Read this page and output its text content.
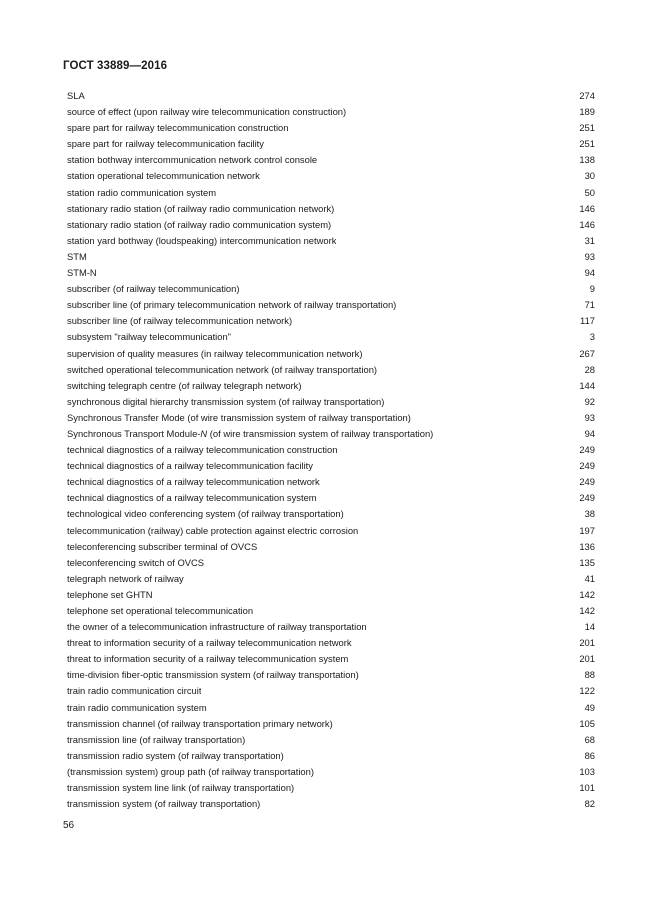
ГОСТ 33889—2016
SLA	274
source of effect (upon railway wire telecommunication construction)	189
spare part for railway telecommunication construction	251
spare part for railway telecommunication facility	251
station bothway intercommunication network control console	138
station operational telecommunication network	30
station radio communication system	50
stationary radio station (of railway radio communication network)	146
stationary radio station (of railway radio communication system)	146
station yard bothway (loudspeaking) intercommunication network	31
STM	93
STM-N	94
subscriber (of railway telecommunication)	9
subscriber line (of primary telecommunication network of railway transportation)	71
subscriber line (of railway telecommunication network)	117
subsystem "railway telecommunication"	3
supervision of quality measures (in railway telecommunication network)	267
switched operational telecommunication network (of railway transportation)	28
switching telegraph centre (of railway telegraph network)	144
synchronous digital hierarchy transmission system (of railway transportation)	92
Synchronous Transfer Mode (of wire transmission system of railway transportation)	93
Synchronous Transport Module-N (of wire transmission system of railway transportation)	94
technical diagnostics of a railway telecommunication construction	249
technical diagnostics of a railway telecommunication facility	249
technical diagnostics of a railway telecommunication network	249
technical diagnostics of a railway telecommunication system	249
technological video conferencing system (of railway transportation)	38
telecommunication (railway) cable protection against electric corrosion	197
teleconferencing subscriber terminal of OVCS	136
teleconferencing switch of OVCS	135
telegraph network of railway	41
telephone set GHTN	142
telephone set operational telecommunication	142
the owner of a telecommunication infrastructure of railway transportation	14
threat to information security of a railway telecommunication network	201
threat to information security of a railway telecommunication system	201
time-division fiber-optic transmission system (of railway transportation)	88
train radio communication circuit	122
train radio communication system	49
transmission channel (of railway transportation primary network)	105
transmission line (of railway transportation)	68
transmission radio system (of railway transportation)	86
(transmission system) group path (of railway transportation)	103
transmission system line link (of railway transportation)	101
transmission system (of railway transportation)	82
56
